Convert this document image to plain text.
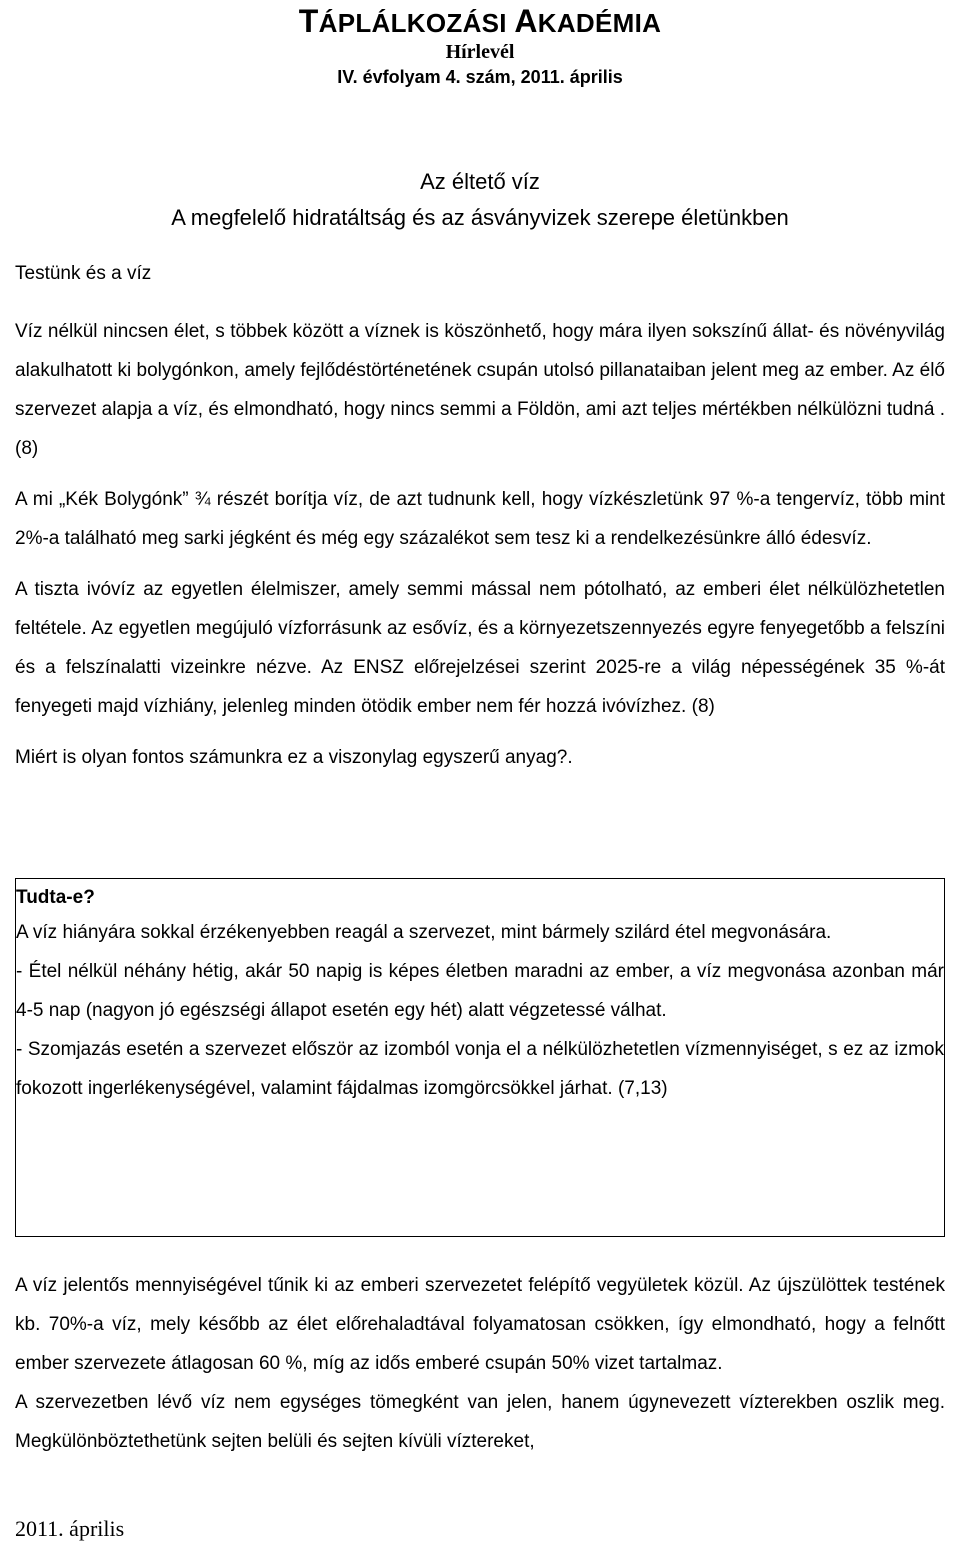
TÁPLÁLKOZÁSI AKADÉMIA
Hírlevél
IV. évfolyam 4. szám, 2011. április
Az éltető víz
A megfelelő hidratáltság és az ásványvizek szerepe életünkben
Testünk és a víz

Víz nélkül nincsen élet, s többek között a víznek is köszönhető, hogy mára ilyen sokszínű állat- és növényvilág alakulhatott ki bolygónkon, amely fejlődéstörténetének csupán utolsó pillanataiban jelent meg az ember. Az élő szervezet alapja a víz, és elmondható, hogy nincs semmi a Földön, ami azt teljes mértékben nélkülözni tudná . (8)

A mi „Kék Bolygónk” ¾ részét borítja víz, de azt tudnunk kell, hogy vízkészletünk 97 %-a tengervíz, több mint 2%-a található meg sarki jégként és még egy százalékot sem tesz ki a rendelkezésünkre álló édesvíz.

A tiszta ivóvíz az egyetlen élelmiszer, amely semmi mással nem pótolható, az emberi élet nélkülözhetetlen feltétele. Az egyetlen megújuló vízforrásunk az esővíz, és a környezetszennyezés egyre fenyegetőbb a felszíni és a felszínalatti vizeinkre nézve. Az ENSZ előrejelzései szerint 2025-re a világ népességének 35 %-át fenyegeti majd vízhiány, jelenleg minden ötödik ember nem fér hozzá ivóvízhez. (8)

Miért is olyan fontos számunkra ez a viszonylag egyszerű anyag?.

Tudta-e?

A víz hiányára sokkal érzékenyebben reagál a szervezet, mint bármely szilárd étel megvonására.

- Étel nélkül néhány hétig, akár 50 napig is képes életben maradni az ember, a víz megvonása azonban már 4-5 nap (nagyon jó egészségi állapot esetén egy hét) alatt végzetessé válhat.

- Szomjazás esetén a szervezet először az izomból vonja el a nélkülözhetetlen vízmennyiséget, s ez az izmok fokozott ingerlékenységével, valamint fájdalmas izomgörcsökkel járhat. (7,13)

A víz jelentős mennyiségével tűnik ki az emberi szervezetet felépítő vegyületek közül. Az újszülöttek testének kb. 70%-a víz, mely később az élet előrehaladtával folyamatosan csökken, így elmondható, hogy a felnőtt ember szervezete átlagosan 60 %, míg az idős emberé csupán 50% vizet tartalmaz.

A szervezetben lévő víz nem egységes tömegként van jelen, hanem úgynevezett vízterekben oszlik meg. Megkülönböztethetünk sejten belüli és sejten kívüli víztereket,

2011. április
